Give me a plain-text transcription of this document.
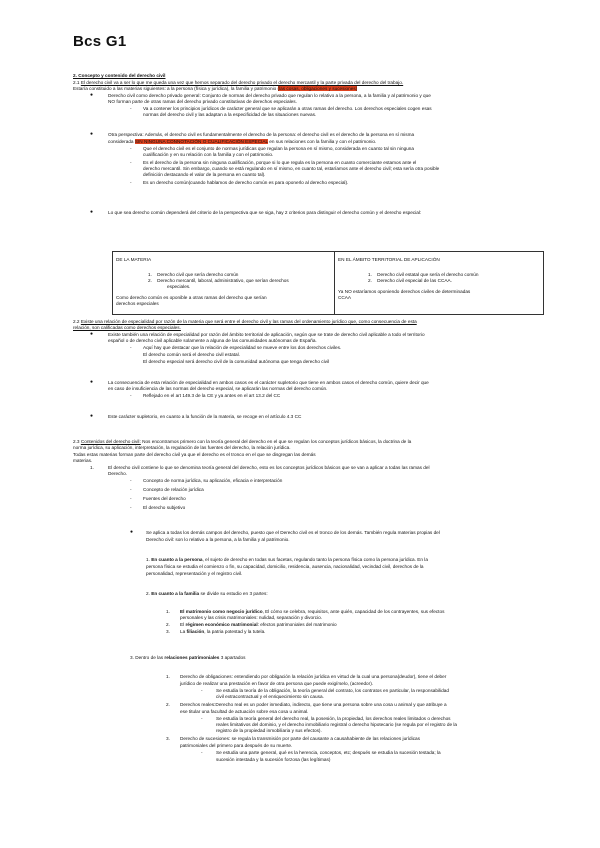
Bcs G1
2. Concepto y contenido del derecho civil
2.1 El derecho civil va a ser lo que me queda una vez que hemos separado del derecho privado el derecho mercantil y la parte privada del derecho del trabajo.
Estaría constituido a las materias siguientes: a la persona (física y jurídica), la familia y patrimonio (las cosas, obligaciones y sucesiones)
●	Derecho civil como derecho privado general: Conjunto de normas del derecho privado que regulan lo relativo a la persona, a la familia y al patrimonio y que
NO forman parte de otras ramas del derecho privado constitutivas de derechos especiales.
- Va a contener los principios jurídicos de carácter general que se aplicarán a otras ramas del derecho. Los derechos especiales cogen esas
normas del derecho civil y las adaptan a la especificidad de las situaciones nuevas.
●	Otra perspectiva: Además, el derecho civil es fundamentalmente el derecho de la persona: el derecho civil es el derecho de la persona en sí misma
considerada SIN NINGUNA CONNOTACIÓN O CUALIFICACIÓN ESPECIAL en sus relaciones con la familia y con el patrimonio.
- Que el derecho civil es el conjunto de normas jurídicas que regulan la persona en sí mismo, considerada en cuanto tal sin ninguna
cualificación y en su relación con la familia y con el patrimonio.
- Es el derecho de la persona sin ninguna cualificación, porque si lo que regula es la persona en cuanto comerciante estamos ante el
derecho mercantil. Sin embargo, cuando se está regulando en sí mismo, en cuanto tal, estaríamos ante el derecho civil; esta sería otra posible
definición destacando el valor de la persona en cuanto tal).
- Es un derecho común(cuando hablamos de derecho común es para oponerlo al derecho especial).
●	Lo que sea derecho común dependerá del criterio de la perspectiva que se siga, hay 2 criterios para distinguir el derecho común y el derecho especial:
DE LA MATERIA
1.    Derecho civil que sería derecho común
2.    Derecho mercantil, laboral, administrativo, que serían derechos
especiales.
Como derecho común es oponible a otras ramas del derecho que serían
derechos especiales

EN EL ÁMBITO TERRITORIAL DE APLICACIÓN
1.    Derecho civil estatal que sería el derecho común
2.    Derecho civil especial de las CCAA.
Ya NO estaríamos oponiendo derechos civiles de determinadas
CCAA
2.2 Existe una relación de especialidad por razón de la materia que será entre el derecho civil y las ramas del ordenamiento jurídico que, como consecuencia de esta
relación, son calificadas como derechos especiales.
●	Existe también una relación de especialidad por razón del ámbito territorial de aplicación, según que se trate de derecho civil aplicable a todo el territorio
español o de derecho civil aplicable solamente a alguna de las comunidades autónomas de España.
- Aquí hay que destacar que la relación de especialidad se mueve entre los dos derechos civiles.
El derecho común será el derecho civil estatal.
El derecho especial será derecho civil de la comunidad autónoma que tenga derecho civil
●	La consecuencia de esta relación de especialidad en ambos casos es el carácter supletorio que tiene en ambos casos el derecho común, quiere decir que
en caso de insuficiencia de las normas del derecho especial, se aplicarán las normas del derecho común.
- Reflejado en el art 149.3 de la CE y ya antes en el art 13.2 del CC
●	Este carácter supletorio, en cuanto a la función de la materia, se recoge en el artículo 4.3 CC
2.3 Contenidos del derecho civil: Nos encontramos primero con la teoría general del derecho en el que se regulan los conceptos jurídicos básicos, la doctrina de la
norma jurídica, su aplicación, interpretación, la regulación de las fuentes del derecho, la relación jurídica.
Todas estas materias forman parte del derecho civil ya que el derecho es el tronco en el que se disgregan las demás
materias.
1.	El derecho civil contiene lo que se denomina teoría general del derecho, esto es los conceptos jurídicos básicos que se van a aplicar a todas las ramas del
Derecho.
- Concepto de norma jurídica, su aplicación, eficacia e interpretación
- Concepto de relación jurídica
- Fuentes del derecho
- El derecho subjetivo
●	Se aplica a todas los demás campos del derecho, puesto que el Derecho civil es el tronco de los demás. También regula materias propias del
Derecho civil: son lo relativo a la persona, a la familia y al patrimonio.
1. En cuanto a la persona, el sujeto de derecho en todas sus facetas, regulando tanto la persona física como la persona jurídica. En la
persona física se estudia el comienzo o fin, su capacidad, domicilio, residencia, ausencia, nacionalidad, vecindad civil, derechos de la
personalidad, representación y el registro civil.
2. En cuanto a la familia se divide su estudio en 3 partes:
1. El matrimonio como negocio jurídico, El cómo se celebra, requisitos, ante quién, capacidad de los contrayentes, sus efectos
personales y las crisis matrimoniales: nulidad, separación y divorcio.
2. El régimen económico matrimonial: efectos patrimoniales del matrimonio
3. La filiación, la patria potestad y la tutela.
3. Dentro de las relaciones patrimoniales 3 apartados
1. Derecho de obligaciones: entendiendo por obligación la relación jurídica en virtud de la cual una persona(deudor), tiene el deber
jurídico de realizar una prestación en favor de otra persona que puede exigírselo, (acreedor).
-	Se estudia la teoría de la obligación, la teoría general del contrato, los contratos en particular, la responsabilidad
civil extracontractual y el enriquecimiento sin causa.
2. Derechos reales:Derecho real es un poder inmediato, indirecto, que tiene una persona sobre una cosa u animal y que atribuye a
ese titular una facultad de actuación sobre esa cosa u animal.
-	Se estudia la teoría general del derecho real, la posesión, la propiedad, los derechos reales limitados o derechos
reales limitativos del dominio, y el derecho inmobiliario registral o derecho hipotecario (se regula por el registro de la
registro de la propiedad inmobiliaria y sus efectos).
3. Derecho de sucesiones: se regula la transmisión por parte del causante a causahabiente de las relaciones jurídicas
patrimoniales del primero para después de su muerte.
-	Se estudia una parte general, qué es la herencia, conceptos, etc; después se estudia la sucesión testada; la
sucesión intestada y la sucesión forzosa (las legítimas)
